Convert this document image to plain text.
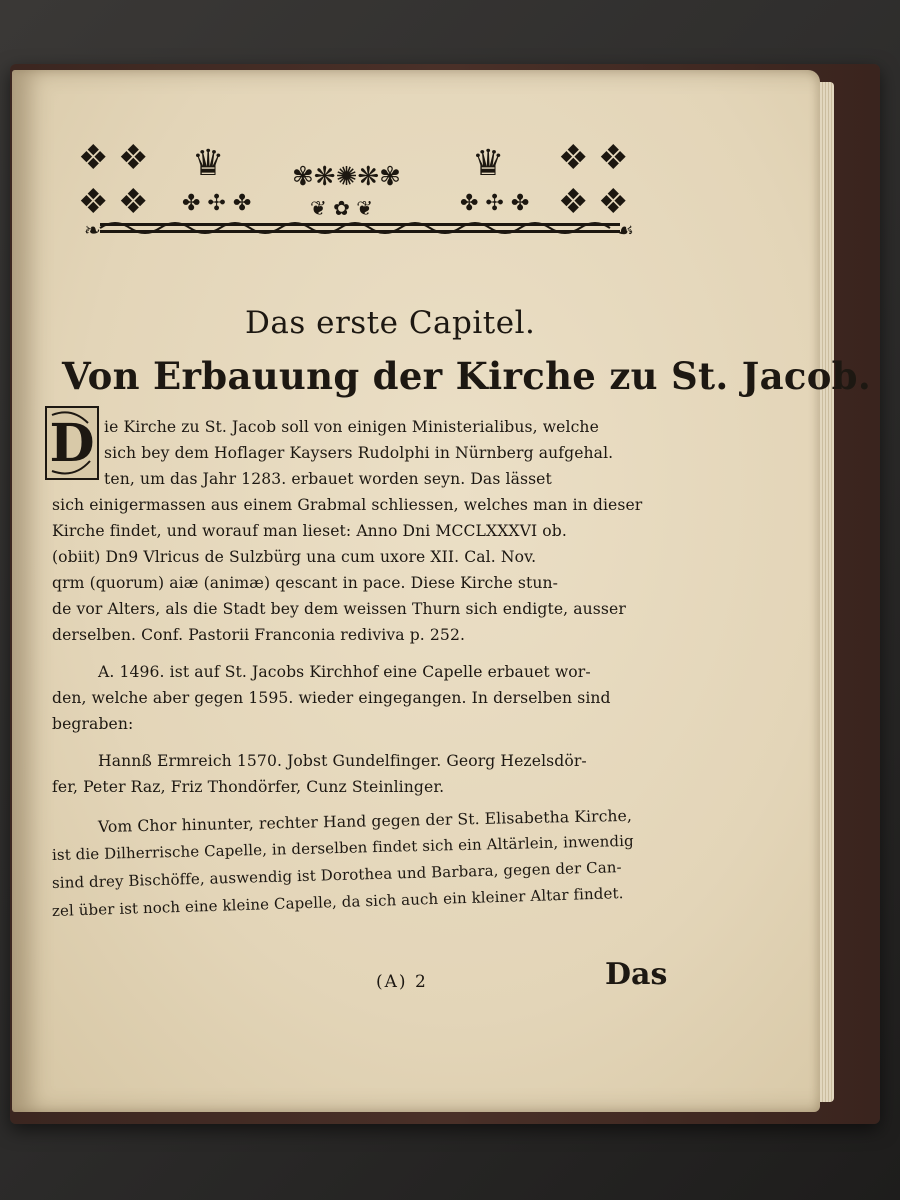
❖ ❖
❖ ❖
♛
✤ ✣ ✤
✾❋✺❋✾
❦ ✿ ❦
♛
✤ ✣ ✤
❖ ❖
❖ ❖
❧	☙
Das erste Capitel.
Von Erbauung der Kirche zu St. Jacob.
D ie Kirche zu St. Jacob soll von einigen Ministerialibus, welche
sich bey dem Hoflager Kaysers Rudolphi in Nürnberg aufgehal.
ten, um das Jahr 1283. erbauet worden seyn. Das lässet
sich einigermassen aus einem Grabmal schliessen, welches man in dieser
Kirche findet, und worauf man lieset: Anno Dni MCCLXXXVI ob.
(obiit) Dn9 Vlricus de Sulzbürg una cum uxore XII. Cal. Nov.
qrm (quorum) aiæ (animæ) qescant in pace. Diese Kirche stun-
de vor Alters, als die Stadt bey dem weissen Thurn sich endigte, ausser
derselben. Conf. Pastorii Franconia rediviva p. 252.
A. 1496. ist auf St. Jacobs Kirchhof eine Capelle erbauet wor-
den, welche aber gegen 1595. wieder eingegangen. In derselben sind
begraben:
Hannß Ermreich 1570. Jobst Gundelfinger. Georg Hezelsdör-
fer, Peter Raz, Friz Thondörfer, Cunz Steinlinger.
Vom Chor hinunter, rechter Hand gegen der St. Elisabetha Kirche,
ist die Dilherrische Capelle, in derselben findet sich ein Altärlein, inwendig
sind drey Bischöffe, auswendig ist Dorothea und Barbara, gegen der Can-
zel über ist noch eine kleine Capelle, da sich auch ein kleiner Altar findet.
(A) 2	Das
